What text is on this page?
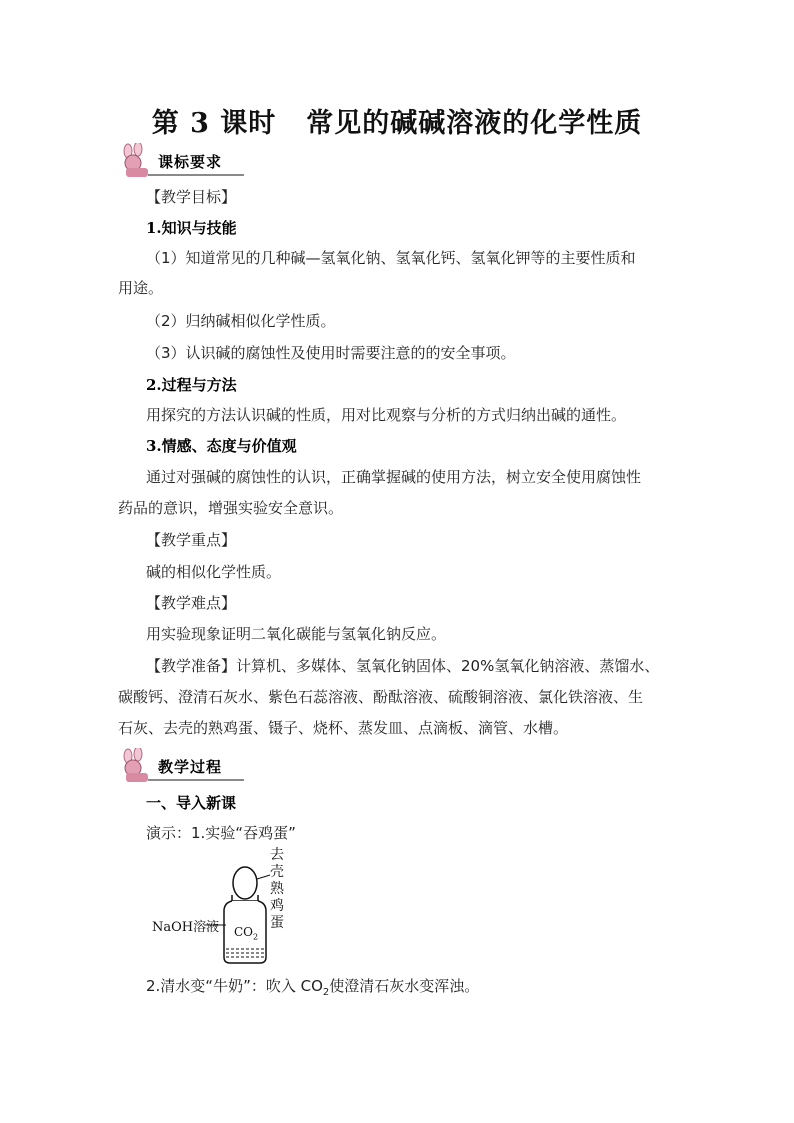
第 3 课时 常见的碱碱溶液的化学性质
课标要求
【教学目标】
1.知识与技能
（1）知道常见的几种碱—氢氧化钠、氢氧化钙、氢氧化钾等的主要性质和
用途。
（2）归纳碱相似化学性质。
（3）认识碱的腐蚀性及使用时需要注意的的安全事项。
2.过程与方法
用探究的方法认识碱的性质，用对比观察与分析的方式归纳出碱的通性。
3.情感、态度与价值观
通过对强碱的腐蚀性的认识，正确掌握碱的使用方法，树立安全使用腐蚀性
药品的意识，增强实验安全意识。
【教学重点】
碱的相似化学性质。
【教学难点】
用实验现象证明二氧化碳能与氢氧化钠反应。
【教学准备】计算机、多媒体、氢氧化钠固体、20%氢氧化钠溶液、蒸馏水、
碳酸钙、澄清石灰水、紫色石蕊溶液、酚酞溶液、硫酸铜溶液、氯化铁溶液、生
石灰、去壳的熟鸡蛋、镊子、烧杯、蒸发皿、点滴板、滴管、水槽。
教学过程
一、导入新课
演示：1.实验“吞鸡蛋”
去
壳
熟
鸡
蛋
NaOH溶液 $CO_2$
2.清水变“牛奶”：吹入 $CO_2$使澄清石灰水变浑浊。
